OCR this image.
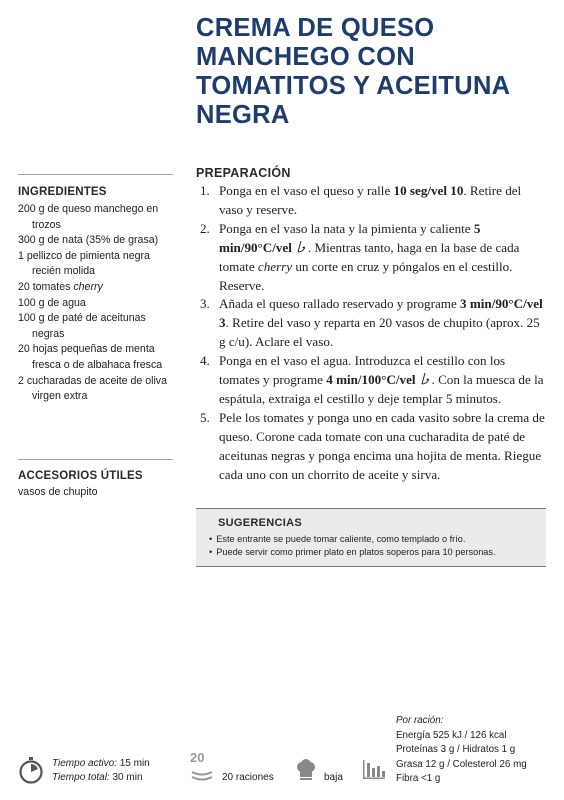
CREMA DE QUESO MANCHEGO CON TOMATITOS Y ACEITUNA NEGRA
INGREDIENTES
200 g de queso manchego en trozos
300 g de nata (35% de grasa)
1 pellizco de pimienta negra recién molida
20 tomates cherry
100 g de agua
100 g de paté de aceitunas negras
20 hojas pequeñas de menta fresca o de albahaca fresca
2 cucharadas de aceite de oliva virgen extra
ACCESORIOS ÚTILES
vasos de chupito
PREPARACIÓN
1. Ponga en el vaso el queso y ralle 10 seg/vel 10. Retire del vaso y reserve.
2. Ponga en el vaso la nata y la pimienta y caliente 5 min/90°C/vel . Mientras tanto, haga en la base de cada tomate cherry un corte en cruz y póngalos en el cestillo. Reserve.
3. Añada el queso rallado reservado y programe 3 min/90°C/vel 3. Retire del vaso y reparta en 20 vasos de chupito (aprox. 25 g c/u). Aclare el vaso.
4. Ponga en el vaso el agua. Introduzca el cestillo con los tomates y programe 4 min/100°C/vel . Con la muesca de la espátula, extraiga el cestillo y deje templar 5 minutos.
5. Pele los tomates y ponga uno en cada vasito sobre la crema de queso. Corone cada tomate con una cucharadita de paté de aceitunas negras y ponga encima una hojita de menta. Riegue cada uno con un chorrito de aceite y sirva.
SUGERENCIAS
• Este entrante se puede tomar caliente, como templado o frío.
• Puede servir como primer plato en platos soperos para 10 personas.
Tiempo activo: 15 min
Tiempo total: 30 min
20
20 raciones	baja
Por ración:
Energía 525 kJ / 126 kcal
Proteínas 3 g / Hidratos 1 g
Grasa 12 g / Colesterol 26 mg
Fibra <1 g
